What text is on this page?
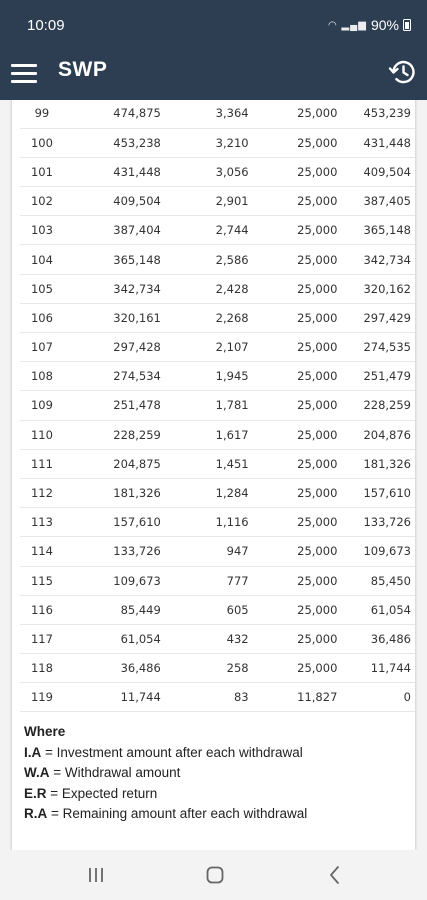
10:09	◠ ▂▄▆ 90%
SWP
99	474,875	3,364	25,000	453,239
100	453,238	3,210	25,000	431,448
101	431,448	3,056	25,000	409,504
102	409,504	2,901	25,000	387,405
103	387,404	2,744	25,000	365,148
104	365,148	2,586	25,000	342,734
105	342,734	2,428	25,000	320,162
106	320,161	2,268	25,000	297,429
107	297,428	2,107	25,000	274,535
108	274,534	1,945	25,000	251,479
109	251,478	1,781	25,000	228,259
110	228,259	1,617	25,000	204,876
111	204,875	1,451	25,000	181,326
112	181,326	1,284	25,000	157,610
113	157,610	1,116	25,000	133,726
114	133,726	947	25,000	109,673
115	109,673	777	25,000	85,450
116	85,449	605	25,000	61,054
117	61,054	432	25,000	36,486
118	36,486	258	25,000	11,744
119	11,744	83	11,827	0
Where
I.A = Investment amount after each withdrawal
W.A = Withdrawal amount
E.R = Expected return
R.A = Remaining amount after each withdrawal
